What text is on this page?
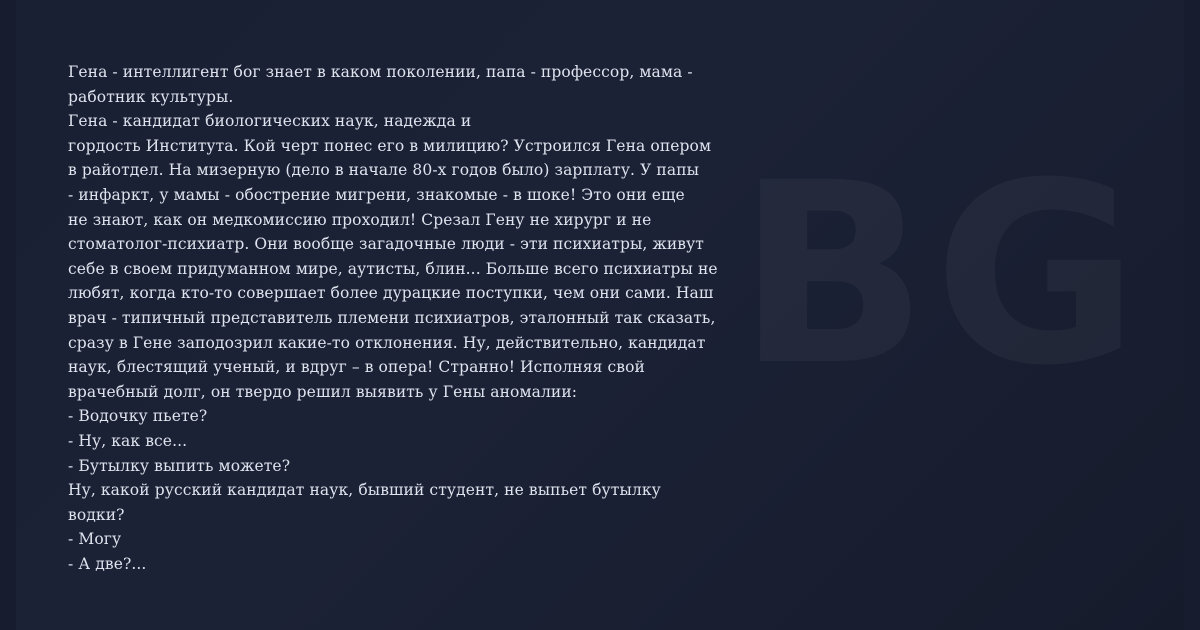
Гена - интеллигент бог знает в каком поколении, папа - профессор, мама -

работник культуры.

Гена - кандидат биологических наук, надежда и

гордость Института. Кой черт понес его в милицию? Устроился Гена опером

в райотдел. На мизерную (дело в начале 80-х годов было) зарплату. У папы

- инфаркт, у мамы - обострение мигрени, знакомые - в шоке! Это они еще

не знают, как он медкомиссию проходил! Срезал Гену не хирург и не

стоматолог-психиатр. Они вообще загадочные люди - эти психиатры, живут

себе в своем придуманном мире, аутисты, блин... Больше всего психиатры не

любят, когда кто-то совершает более дурацкие поступки, чем они сами. Наш

врач - типичный представитель племени психиатров, эталонный так сказать,

сразу в Гене заподозрил какие-то отклонения. Ну, действительно, кандидат

наук, блестящий ученый, и вдруг – в опера! Странно! Исполняя свой

врачебный долг, он твердо решил выявить у Гены аномалии:

- Водочку пьете?

- Ну, как все...

- Бутылку выпить можете?

Ну, какой русский кандидат наук, бывший студент, не выпьет бутылку

водки?

- Могу

- А две?...
